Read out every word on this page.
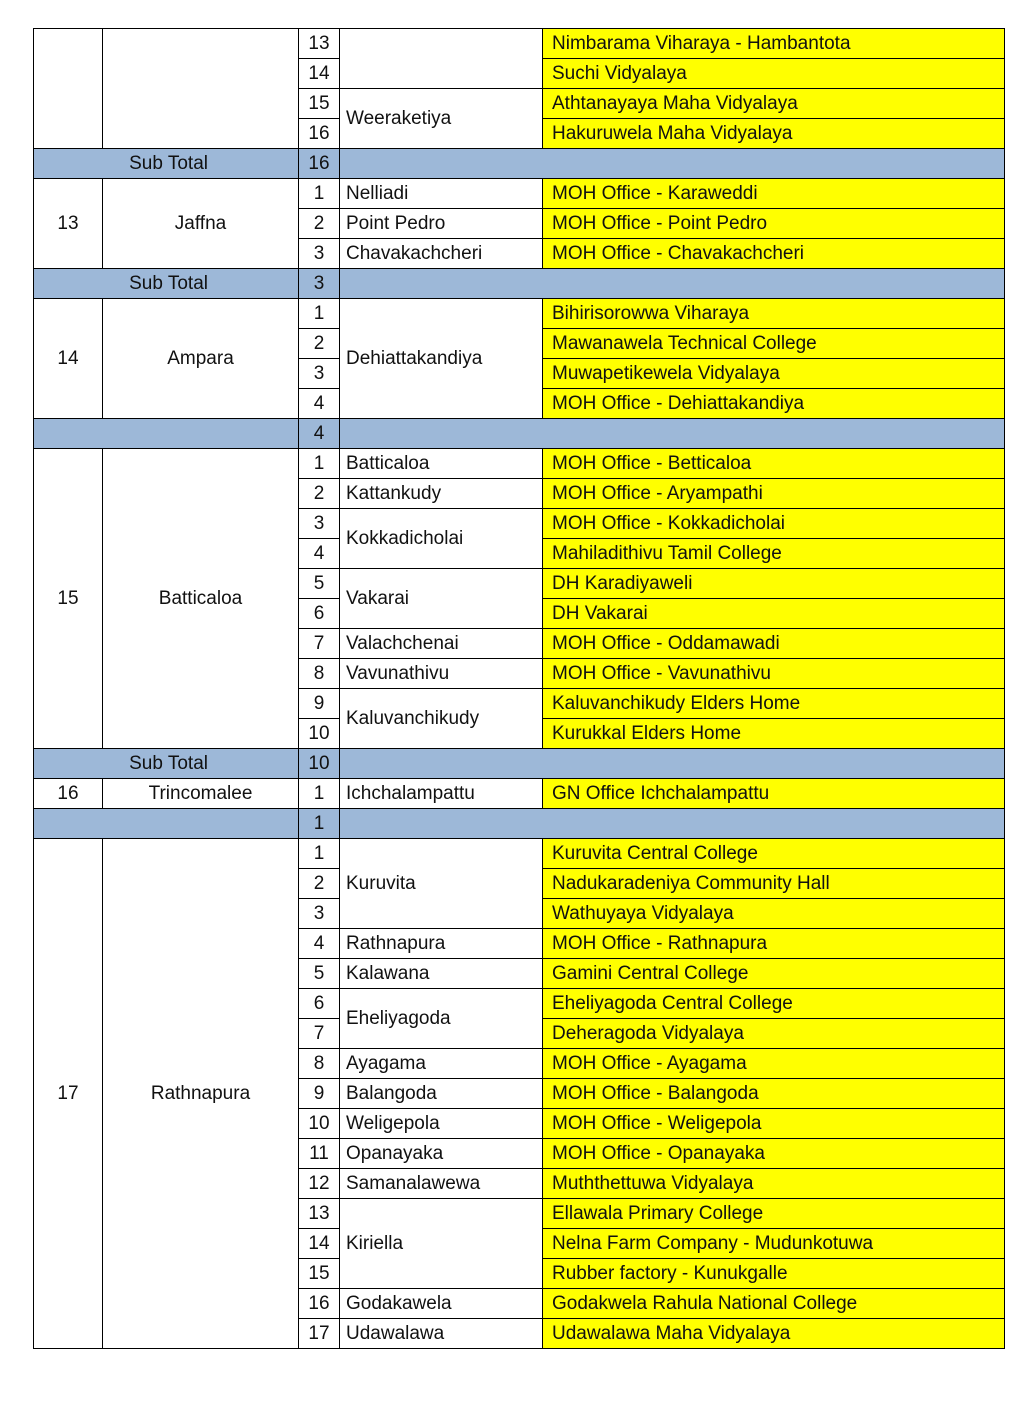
		13		Nimbarama Viharaya - Hambantota
		14		Suchi Vidyalaya
		15	Weeraketiya	Athtanayaya Maha Vidyalaya
		16		Hakuruwela Maha Vidyalaya
Sub Total		16		
13	Jaffna	1	Nelliadi	MOH Office - Karaweddi
		2	Point Pedro	MOH Office - Point Pedro
		3	Chavakachcheri	MOH Office - Chavakachcheri
Sub Total		3		
14	Ampara	1	Dehiattakandiya	Bihirisorowwa Viharaya
		2		Mawanawela Technical College
		3		Muwapetikewela Vidyalaya
		4		MOH Office - Dehiattakandiya
		4		
15	Batticaloa	1	Batticaloa	MOH Office - Betticaloa
		2	Kattankudy	MOH Office - Aryampathi
		3	Kokkadicholai	MOH Office - Kokkadicholai
		4		Mahiladithivu Tamil College
		5	Vakarai	DH Karadiyaweli
		6		DH Vakarai
		7	Valachchenai	MOH Office - Oddamawadi
		8	Vavunathivu	MOH Office - Vavunathivu
		9	Kaluvanchikudy	Kaluvanchikudy Elders Home
		10		Kurukkal Elders Home
Sub Total		10		
16	Trincomalee	1	Ichchalampattu	GN Office Ichchalampattu
		1		
17	Rathnapura	1	Kuruvita	Kuruvita Central College
		2		Nadukaradeniya Community Hall
		3		Wathuyaya Vidyalaya
		4	Rathnapura	MOH Office - Rathnapura
		5	Kalawana	Gamini Central College
		6	Eheliyagoda	Eheliyagoda Central College
		7		Deheragoda Vidyalaya
		8	Ayagama	MOH Office - Ayagama
		9	Balangoda	MOH Office - Balangoda
		10	Weligepola	MOH Office - Weligepola
		11	Opanayaka	MOH Office - Opanayaka
		12	Samanalawewa	Muththettuwa Vidyalaya
		13	Kiriella	Ellawala Primary College
		14		Nelna Farm Company - Mudunkotuwa
		15		Rubber factory - Kunukgalle
		16	Godakawela	Godakwela Rahula National College
		17	Udawalawa	Udawalawa Maha Vidyalaya
